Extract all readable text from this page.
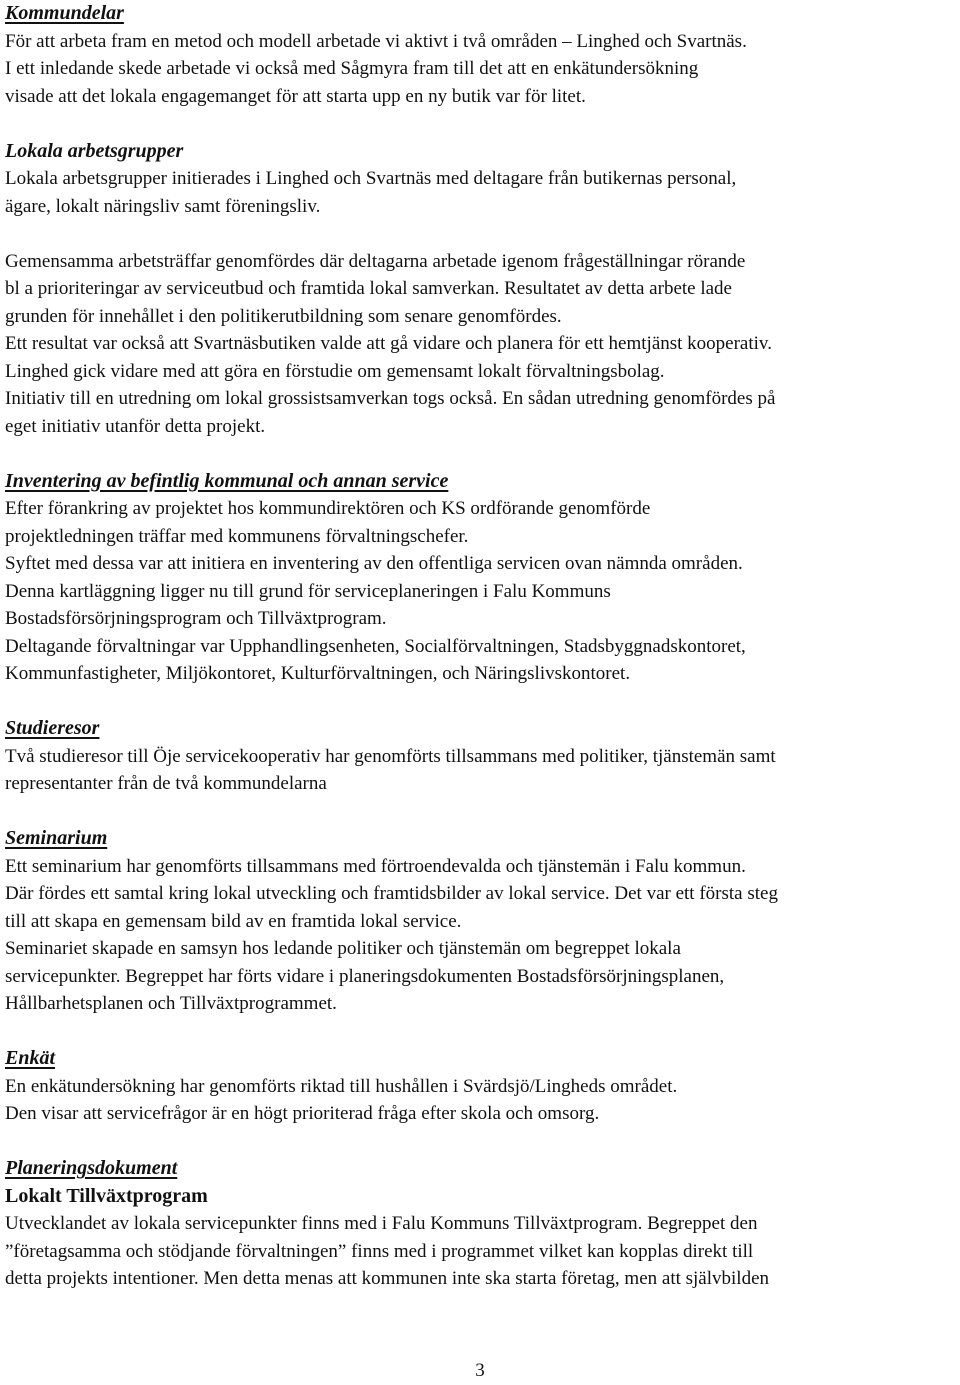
Kommundelar

För att arbeta fram en metod och modell arbetade vi aktivt i två områden – Linghed och Svartnäs.

I ett inledande skede arbetade vi också med Sågmyra fram till det att en enkätundersökning

visade att det lokala engagemanget för att starta upp en ny butik var för litet.

Lokala arbetsgrupper

Lokala arbetsgrupper initierades i Linghed och Svartnäs med deltagare från butikernas personal,

ägare, lokalt näringsliv samt föreningsliv.

Gemensamma arbetsträffar genomfördes där deltagarna arbetade igenom frågeställningar rörande

bl a prioriteringar av serviceutbud och framtida lokal samverkan. Resultatet av detta arbete lade

grunden för innehållet i den politikerutbildning som senare genomfördes.

Ett resultat var också att Svartnäsbutiken valde att gå vidare och planera för ett hemtjänst kooperativ.

Linghed gick vidare med att göra en förstudie om gemensamt lokalt förvaltningsbolag.

Initiativ till en utredning om lokal grossistsamverkan togs också. En sådan utredning genomfördes på

eget initiativ utanför detta projekt.

Inventering av befintlig kommunal och annan service

Efter förankring av projektet hos kommundirektören och KS ordförande genomförde

projektledningen träffar med kommunens förvaltningschefer.

Syftet med dessa var att initiera en inventering av den offentliga servicen ovan nämnda områden.

Denna kartläggning ligger nu till grund för serviceplaneringen i Falu Kommuns

Bostadsförsörjningsprogram och Tillväxtprogram.

Deltagande förvaltningar var Upphandlingsenheten, Socialförvaltningen, Stadsbyggnadskontoret,

Kommunfastigheter, Miljökontoret, Kulturförvaltningen, och Näringslivskontoret.

Studieresor

Två studieresor till Öje servicekooperativ har genomförts tillsammans med politiker, tjänstemän samt

representanter från de två kommundelarna

Seminarium

Ett seminarium har genomförts tillsammans med förtroendevalda och tjänstemän i Falu kommun.

Där fördes ett samtal kring lokal utveckling och framtidsbilder av lokal service. Det var ett första steg

till att skapa en gemensam bild av en framtida lokal service.

Seminariet skapade en samsyn hos ledande politiker och tjänstemän om begreppet lokala

servicepunkter. Begreppet har förts vidare i planeringsdokumenten Bostadsförsörjningsplanen,

Hållbarhetsplanen och Tillväxtprogrammet.

Enkät

En enkätundersökning har genomförts riktad till hushållen i Svärdsjö/Lingheds området.

Den visar att servicefrågor är en högt prioriterad fråga efter skola och omsorg.

Planeringsdokument

Lokalt Tillväxtprogram

Utvecklandet av lokala servicepunkter finns med i Falu Kommuns Tillväxtprogram. Begreppet den

”företagsamma och stödjande förvaltningen” finns med i programmet vilket kan kopplas direkt till

detta projekts intentioner. Men detta menas att kommunen inte ska starta företag, men att självbilden

3
